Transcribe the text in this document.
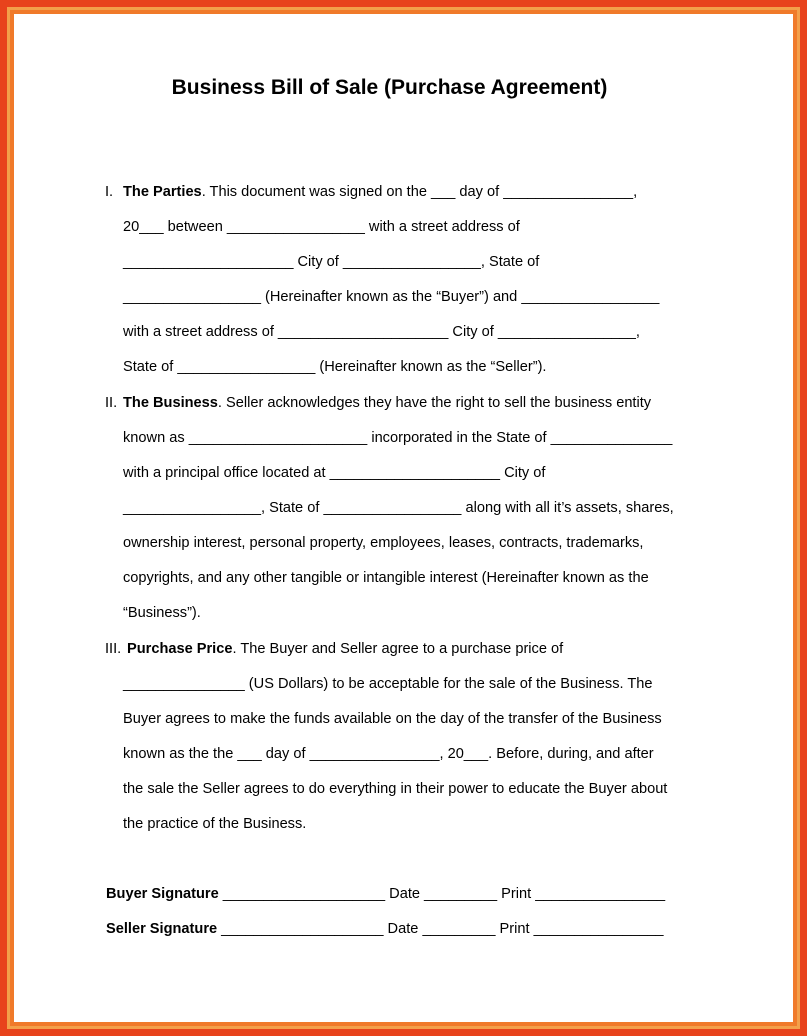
Business Bill of Sale (Purchase Agreement)
I. The Parties. This document was signed on the ___ day of ________________,
20___ between _________________ with a street address of
_____________________ City of _________________, State of
_________________ (Hereinafter known as the “Buyer”) and _________________
with a street address of _____________________ City of _________________,
State of _________________ (Hereinafter known as the “Seller”).
II. The Business. Seller acknowledges they have the right to sell the business entity
known as ______________________ incorporated in the State of _______________
with a principal office located at _____________________ City of
_________________, State of _________________ along with all it’s assets, shares,
ownership interest, personal property, employees, leases, contracts, trademarks,
copyrights, and any other tangible or intangible interest (Hereinafter known as the
“Business”).
III. Purchase Price. The Buyer and Seller agree to a purchase price of
_______________ (US Dollars) to be acceptable for the sale of the Business. The
Buyer agrees to make the funds available on the day of the transfer of the Business
known as the the ___ day of ________________, 20___. Before, during, and after
the sale the Seller agrees to do everything in their power to educate the Buyer about
the practice of the Business.
Buyer Signature ____________________ Date _________ Print ________________
Seller Signature ____________________ Date _________ Print ________________
